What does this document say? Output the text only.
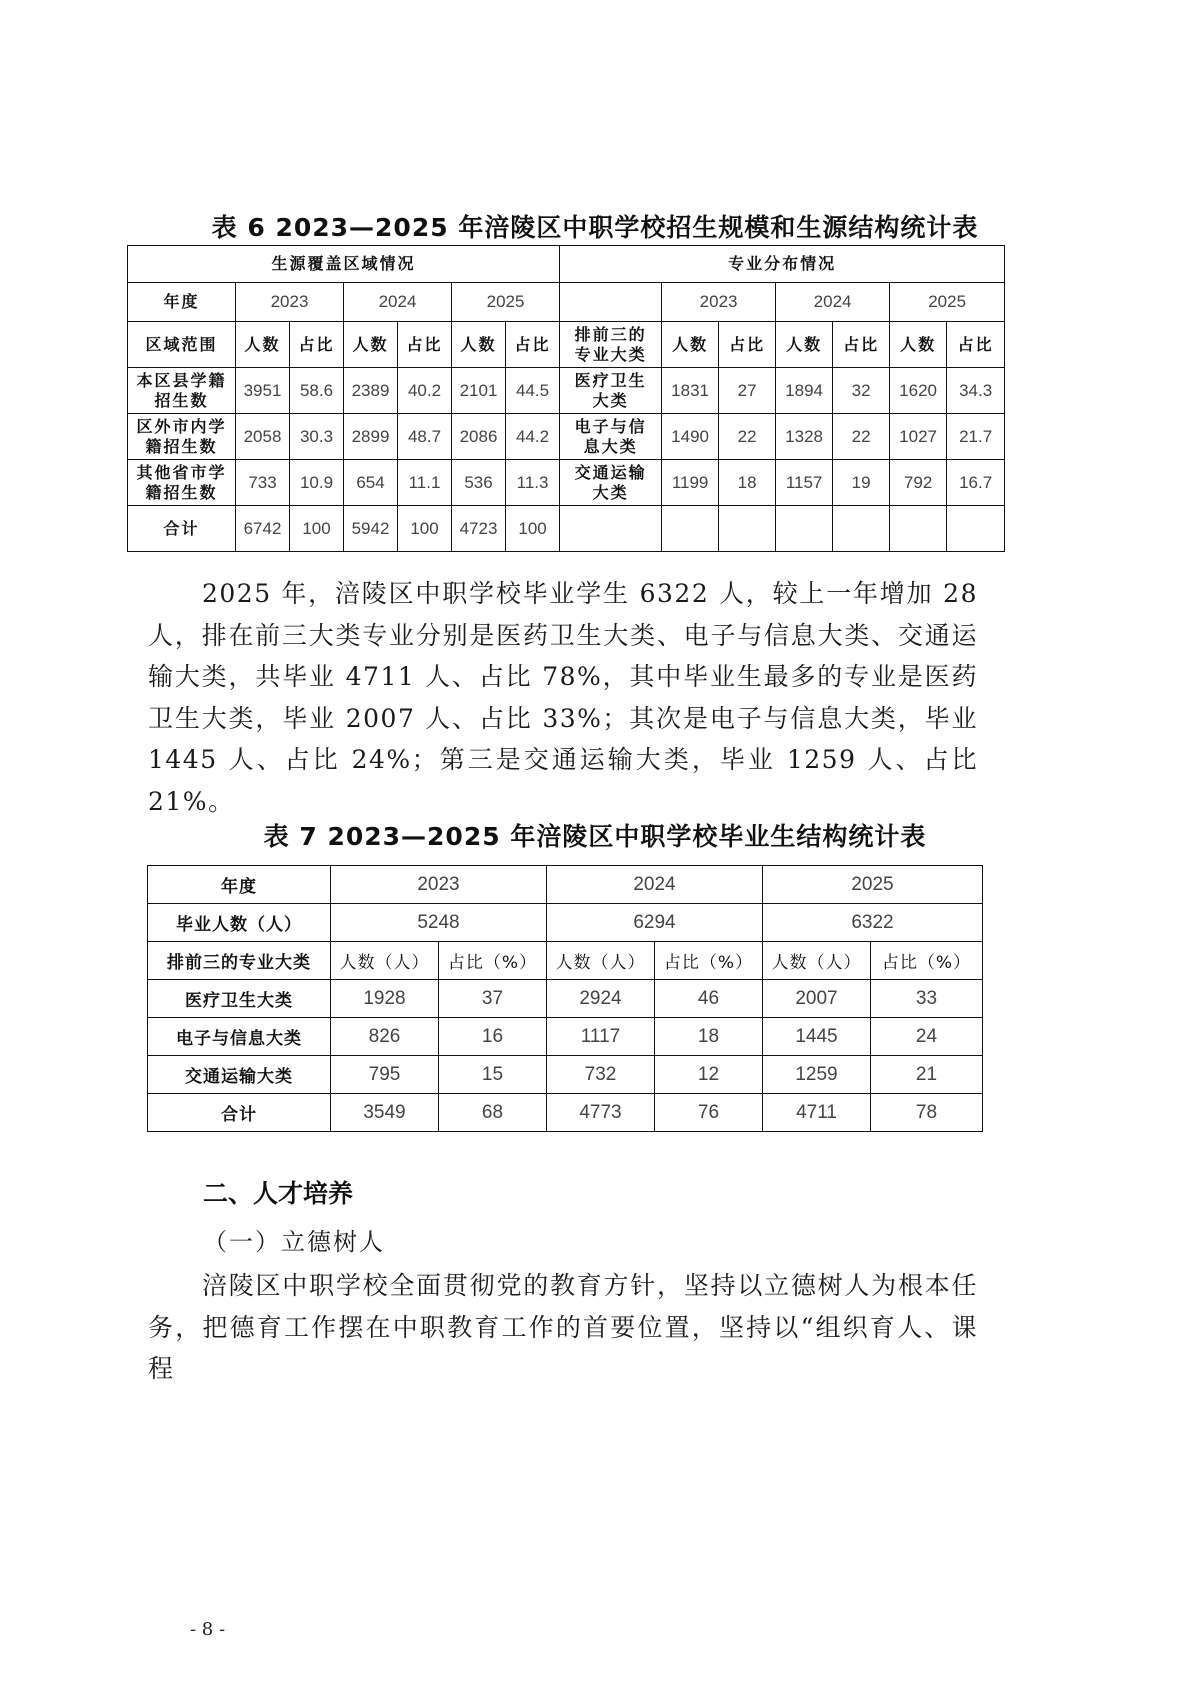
表 6 2023—2025 年涪陵区中职学校招生规模和生源结构统计表
生源覆盖区域情况							专业分布情况						
年度	2023		2024		2025			2023		2024		2025	
区域范围	人数	占比	人数	占比	人数	占比	排前三的专业大类	人数	占比	人数	占比	人数	占比
本区县学籍招生数	3951	58.6	2389	40.2	2101	44.5	医疗卫生大类	1831	27	1894	32	1620	34.3
区外市内学籍招生数	2058	30.3	2899	48.7	2086	44.2	电子与信息大类	1490	22	1328	22	1027	21.7
其他省市学籍招生数	733	10.9	654	11.1	536	11.3	交通运输大类	1199	18	1157	19	792	16.7
合计	6742	100	5942	100	4723	100							
2025 年，涪陵区中职学校毕业学生 6322 人，较上一年增加 28 人，排在前三大类专业分别是医药卫生大类、电子与信息大类、交通运输大类，共毕业 4711 人、占比 78%，其中毕业生最多的专业是医药卫生大类，毕业 2007 人、占比 33%；其次是电子与信息大类，毕业 1445 人、占比 24%；第三是交通运输大类，毕业 1259 人、占比 21%。
表 7 2023—2025 年涪陵区中职学校毕业生结构统计表
年度	2023		2024		2025	
毕业人数（人）	5248		6294		6322	
排前三的专业大类	人数（人）	占比（%）	人数（人）	占比（%）	人数（人）	占比（%）
医疗卫生大类	1928	37	2924	46	2007	33
电子与信息大类	826	16	1117	18	1445	24
交通运输大类	795	15	732	12	1259	21
合计	3549	68	4773	76	4711	78
二、人才培养
（一）立德树人
涪陵区中职学校全面贯彻党的教育方针，坚持以立德树人为根本任务，把德育工作摆在中职教育工作的首要位置，坚持以“组织育人、课程
- 8 -
